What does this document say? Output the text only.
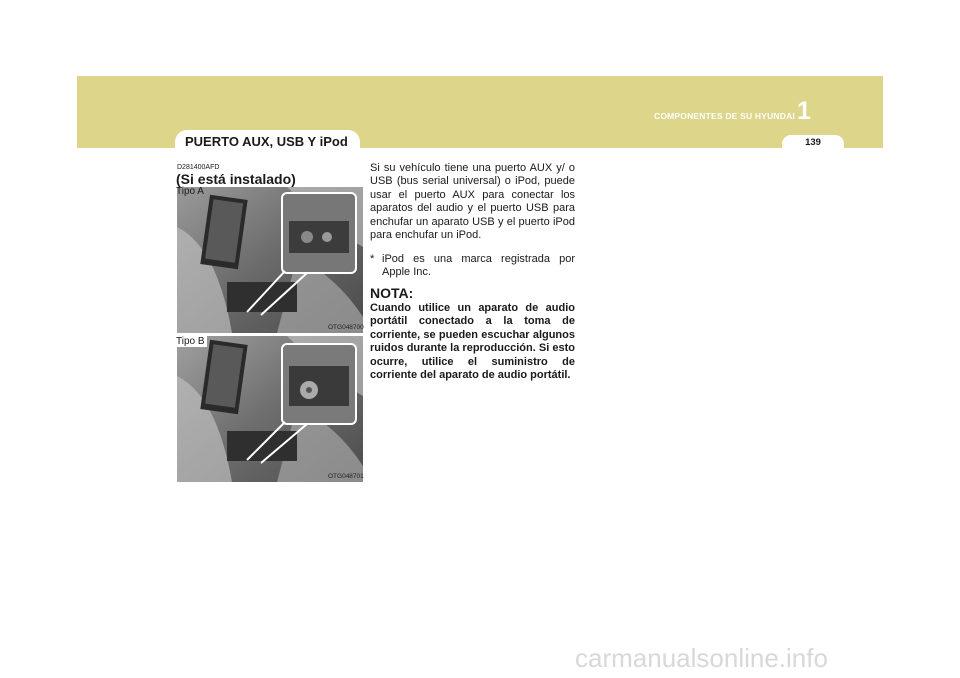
COMPONENTES DE SU HYUNDAI 1
139
PUERTO AUX, USB Y iPod
D281400AFD
(Si está instalado)
Tipo A
OTG048700
Tipo B
OTG048701

Si su vehículo tiene una puerto AUX y/ o USB (bus serial universal) o iPod, puede usar el puerto AUX para conectar los aparatos del audio y el puerto USB para enchufar un aparato USB y el puerto iPod para enchufar un iPod.

* iPod es una marca registrada por Apple Inc.
NOTA:
Cuando utilice un aparato de audio portátil conectado a la toma de corriente, se pueden escuchar algunos ruidos durante la reproducción. Si esto ocurre, utilice el suministro de corriente del aparato de audio portátil.
carmanualsonline.info
